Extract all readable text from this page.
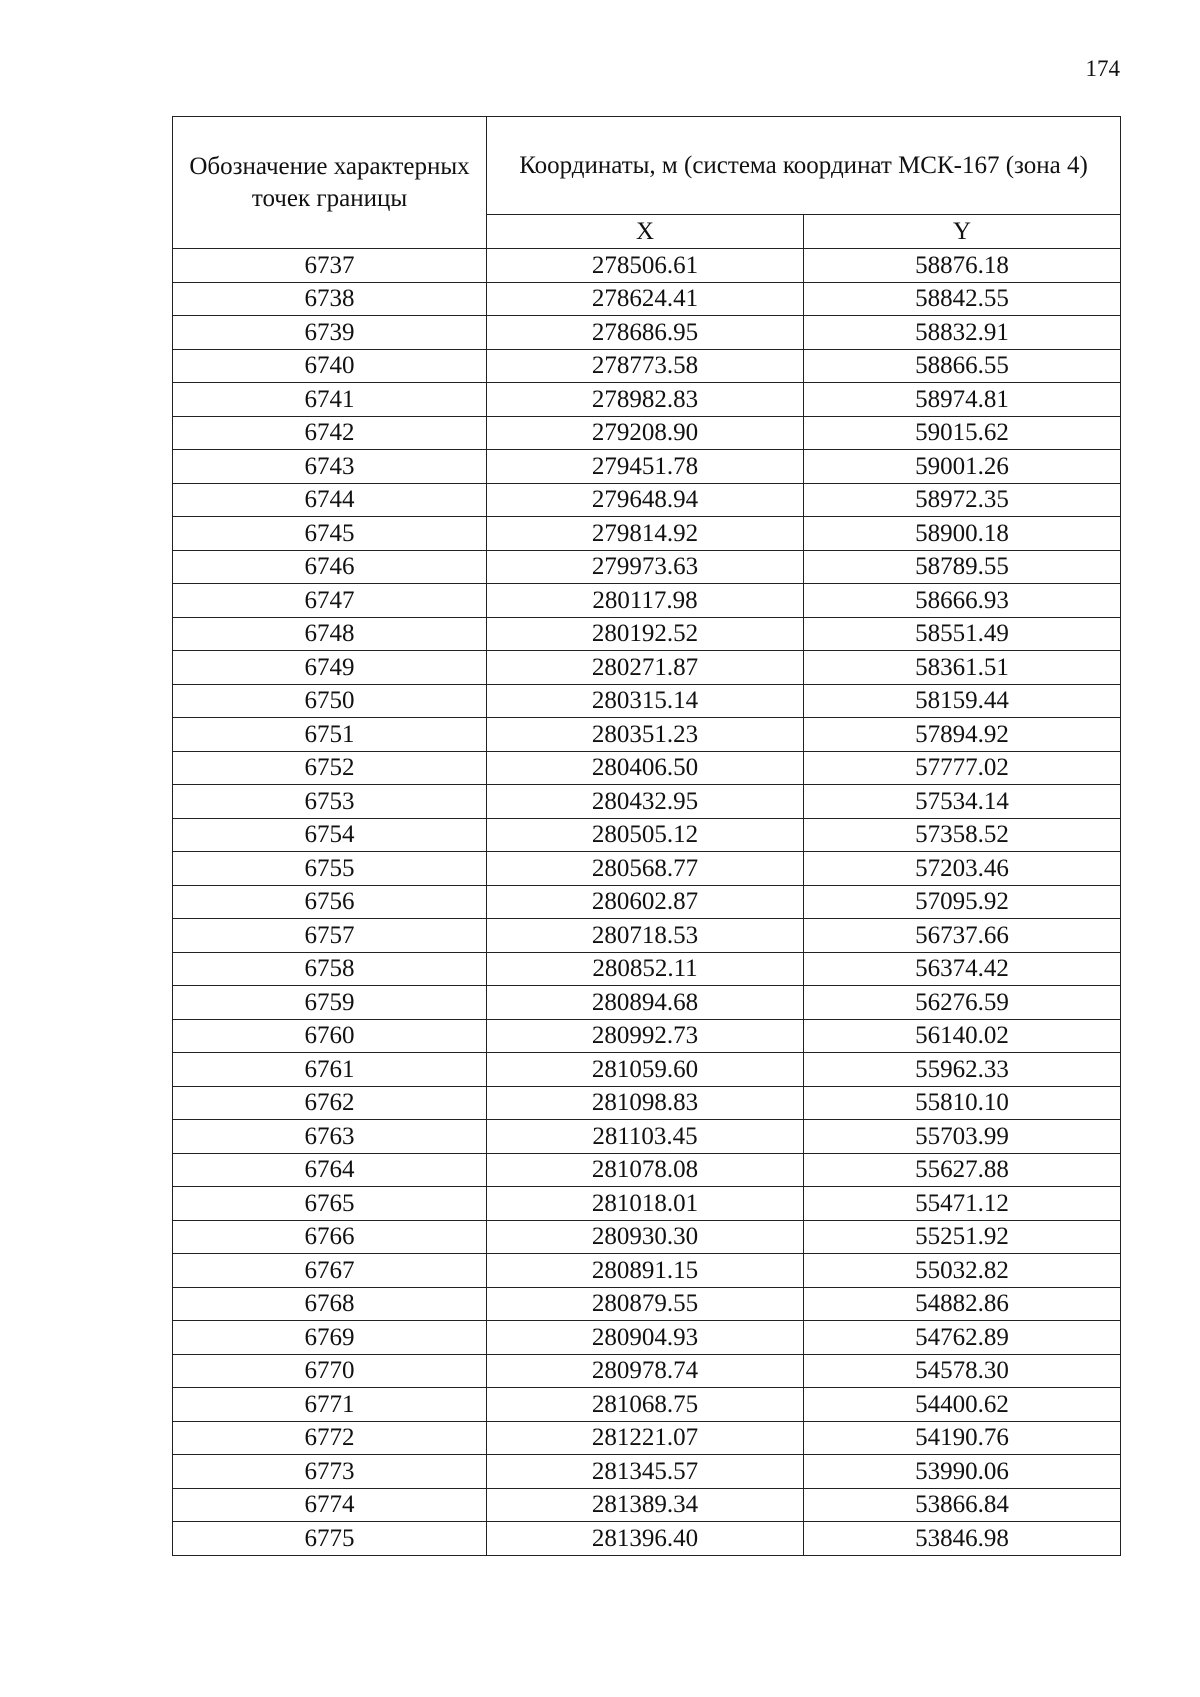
174
Обозначение характерных точек границы	Координаты, м (система координат МСК-167 (зона 4)	
	X	Y
6737	278506.61	58876.18
6738	278624.41	58842.55
6739	278686.95	58832.91
6740	278773.58	58866.55
6741	278982.83	58974.81
6742	279208.90	59015.62
6743	279451.78	59001.26
6744	279648.94	58972.35
6745	279814.92	58900.18
6746	279973.63	58789.55
6747	280117.98	58666.93
6748	280192.52	58551.49
6749	280271.87	58361.51
6750	280315.14	58159.44
6751	280351.23	57894.92
6752	280406.50	57777.02
6753	280432.95	57534.14
6754	280505.12	57358.52
6755	280568.77	57203.46
6756	280602.87	57095.92
6757	280718.53	56737.66
6758	280852.11	56374.42
6759	280894.68	56276.59
6760	280992.73	56140.02
6761	281059.60	55962.33
6762	281098.83	55810.10
6763	281103.45	55703.99
6764	281078.08	55627.88
6765	281018.01	55471.12
6766	280930.30	55251.92
6767	280891.15	55032.82
6768	280879.55	54882.86
6769	280904.93	54762.89
6770	280978.74	54578.30
6771	281068.75	54400.62
6772	281221.07	54190.76
6773	281345.57	53990.06
6774	281389.34	53866.84
6775	281396.40	53846.98
